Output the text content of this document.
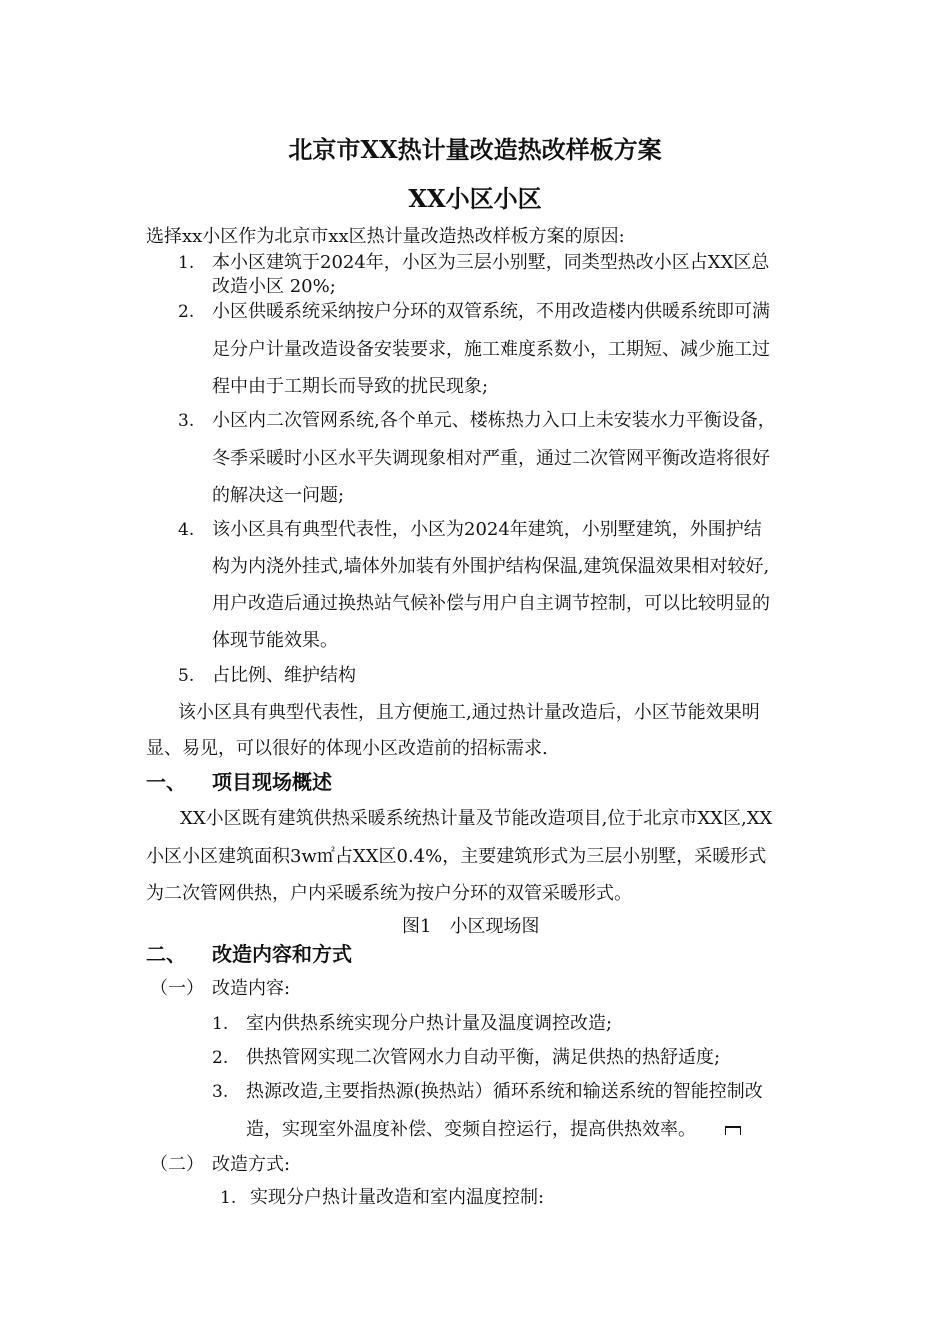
北京市XX热计量改造热改样板方案
XX小区小区
选择xx小区作为北京市xx区热计量改造热改样板方案的原因:
1. 本小区建筑于2024年，小区为三层小别墅，同类型热改小区占XX区总
改造小区 20%;
2. 小区供暖系统采纳按户分环的双管系统，不用改造楼内供暖系统即可满
足分户计量改造设备安装要求，施工难度系数小，工期短、减少施工过
程中由于工期长而导致的扰民现象;
3. 小区内二次管网系统,各个单元、楼栋热力入口上未安装水力平衡设备，
冬季采暖时小区水平失调现象相对严重，通过二次管网平衡改造将很好
的解决这一问题;
4. 该小区具有典型代表性，小区为2024年建筑，小别墅建筑，外围护结
构为内浇外挂式,墙体外加装有外围护结构保温,建筑保温效果相对较好,
用户改造后通过换热站气候补偿与用户自主调节控制，可以比较明显的
体现节能效果。
5. 占比例、维护结构
该小区具有典型代表性，且方便施工,通过热计量改造后，小区节能效果明
显、易见，可以很好的体现小区改造前的招标需求.
一、 项目现场概述
XX小区既有建筑供热采暖系统热计量及节能改造项目,位于北京市XX区,XX
小区小区建筑面积3w㎡占XX区0.4%，主要建筑形式为三层小别墅，采暖形式
为二次管网供热，户内采暖系统为按户分环的双管采暖形式。
图1　小区现场图
二、 改造内容和方式
（一） 改造内容:
1. 室内供热系统实现分户热计量及温度调控改造;
2. 供热管网实现二次管网水力自动平衡，满足供热的热舒适度;
3. 热源改造,主要指热源(换热站）循环系统和输送系统的智能控制改
造，实现室外温度补偿、变频自控运行，提高供热效率。
（二） 改造方式:
1. 实现分户热计量改造和室内温度控制:
